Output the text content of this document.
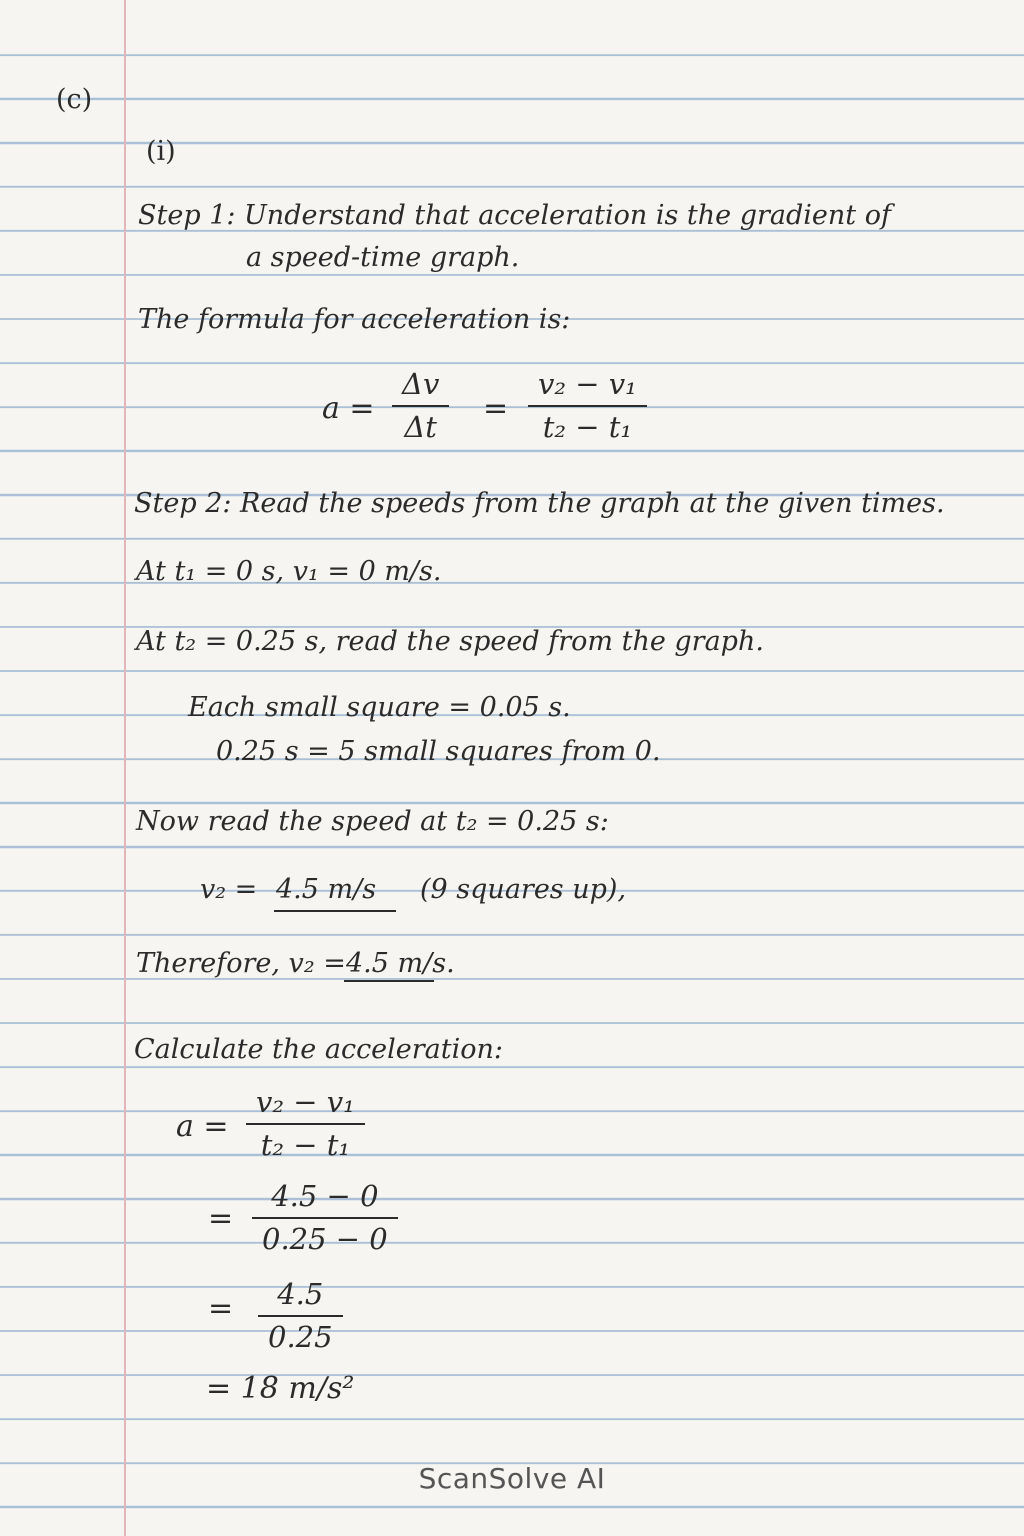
(c)
(i)
Step 1: Understand that acceleration is the gradient of
a speed-time graph.
The formula for acceleration is:
a =
Δv
Δt
=
v₂ − v₁
t₂ − t₁
Step 2: Read the speeds from the graph at the given times.
At t₁ = 0 s, v₁ = 0 m/s.
At t₂ = 0.25 s, read the speed from the graph.
Each small square = 0.05 s.
0.25 s = 5 small squares from 0.
Now read the speed at t₂ = 0.25 s:
v₂ = 4.5 m/s (9 squares up),
Therefore, v₂ = 4.5 m/s.
Calculate the acceleration:
a =
v₂ − v₁
t₂ − t₁
=
4.5 − 0
0.25 − 0
=	4.5
0.25
= 18 m/s²
ScanSolve AI
